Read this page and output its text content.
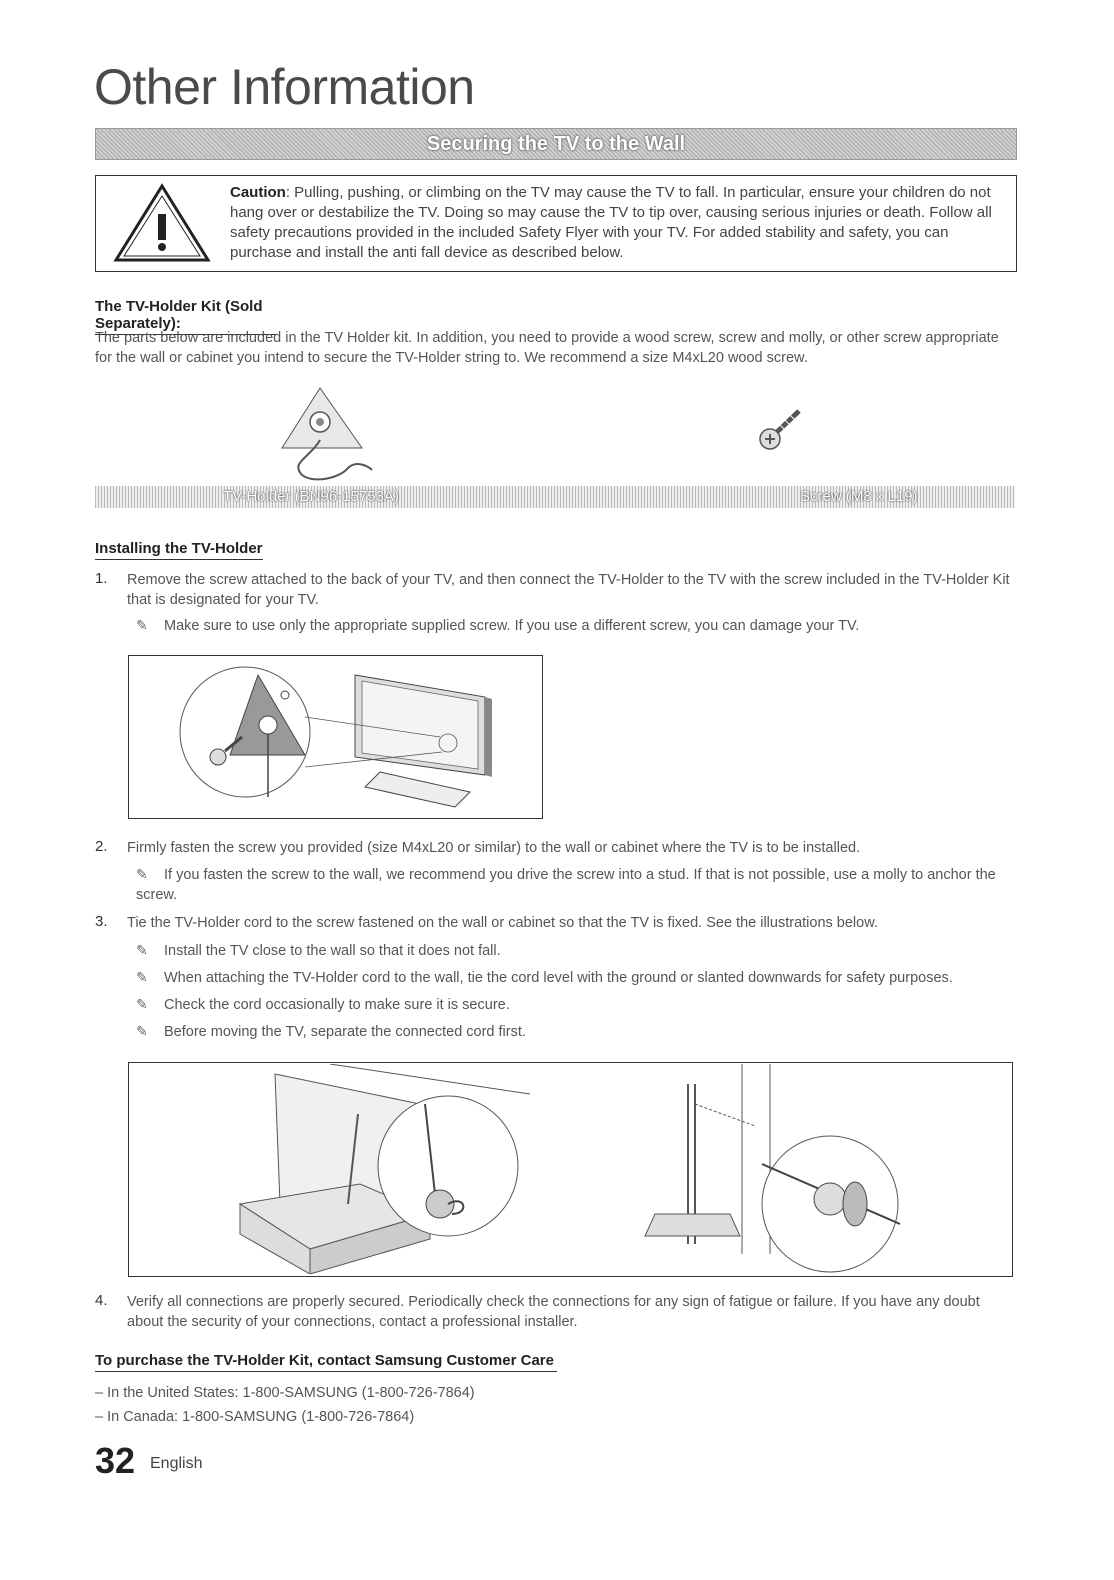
Other Information
Securing the TV to the Wall
Caution: Pulling, pushing, or climbing on the TV may cause the TV to fall. In particular, ensure your children do not hang over or destabilize the TV. Doing so may cause the TV to tip over, causing serious injuries or death. Follow all safety precautions provided in the included Safety Flyer with your TV. For added stability and safety, you can purchase and install the anti fall device as described below.
The TV-Holder Kit (Sold Separately):
The parts below are included in the TV Holder kit. In addition, you need to provide a wood screw, screw and molly, or other screw appropriate for the wall or cabinet you intend to secure the TV-Holder string to. We recommend a size M4xL20 wood screw.
TV-Holder (BN96-15753A)	Screw (M8 x L19)
Installing the TV-Holder
1. Remove the screw attached to the back of your TV, and then connect the TV-Holder to the TV with the screw included in the TV-Holder Kit that is designated for your TV.
✎ Make sure to use only the appropriate supplied screw. If you use a different screw, you can damage your TV.
2. Firmly fasten the screw you provided (size M4xL20 or similar) to the wall or cabinet where the TV is to be installed.
✎ If you fasten the screw to the wall, we recommend you drive the screw into a stud. If that is not possible, use a molly to anchor the screw.
3. Tie the TV-Holder cord to the screw fastened on the wall or cabinet so that the TV is fixed. See the illustrations below.
✎ Install the TV close to the wall so that it does not fall.
✎ When attaching the TV-Holder cord to the wall, tie the cord level with the ground or slanted downwards for safety purposes.
✎ Check the cord occasionally to make sure it is secure.
✎ Before moving the TV, separate the connected cord first.
4. Verify all connections are properly secured. Periodically check the connections for any sign of fatigue or failure. If you have any doubt about the security of your connections, contact a professional installer.
To purchase the TV-Holder Kit, contact Samsung Customer Care
– In the United States: 1-800-SAMSUNG (1-800-726-7864)
– In Canada: 1-800-SAMSUNG (1-800-726-7864)
32 English
